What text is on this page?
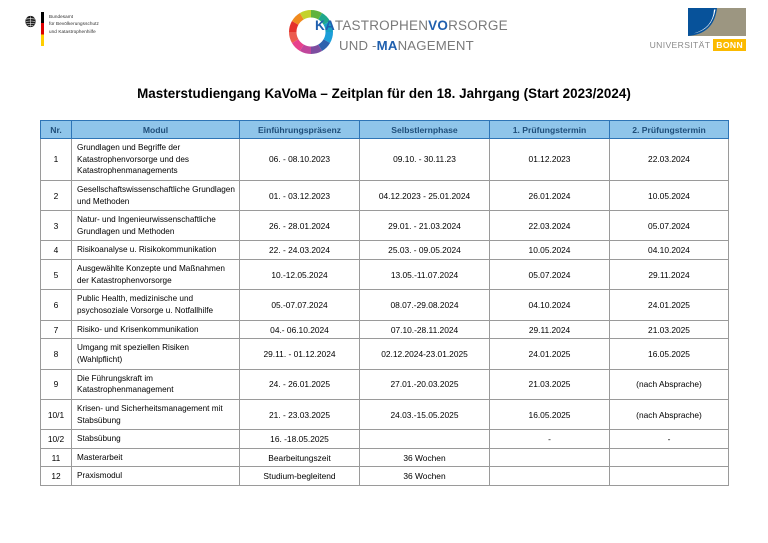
Bundesamt
für Bevölkerungsschutz
und Katastrophenhilfe	KATASTROPHENVORSORGE
UND -MANAGEMENT	UNIVERSITÄT BONN
Masterstudiengang KaVoMa – Zeitplan für den 18. Jahrgang (Start 2023/2024)
Nr.	Modul	Einführungspräsenz	Selbstlernphase	1. Prüfungstermin	2. Prüfungstermin
1	Grundlagen und Begriffe der Katastrophenvorsorge und des Katastrophenmanagements	06. - 08.10.2023	09.10. - 30.11.23	01.12.2023	22.03.2024
2	Gesellschaftswissenschaftliche Grundlagen und Methoden	01. - 03.12.2023	04.12.2023 - 25.01.2024	26.01.2024	10.05.2024
3	Natur- und Ingenieurwissenschaftliche Grundlagen und Methoden	26. - 28.01.2024	29.01. - 21.03.2024	22.03.2024	05.07.2024
4	Risikoanalyse u. Risikokommunikation	22. - 24.03.2024	25.03. - 09.05.2024	10.05.2024	04.10.2024
5	Ausgewählte Konzepte und Maßnahmen der Katastrophenvorsorge	10.-12.05.2024	13.05.-11.07.2024	05.07.2024	29.11.2024
6	Public Health, medizinische und psychosoziale Vorsorge u. Notfallhilfe	05.-07.07.2024	08.07.-29.08.2024	04.10.2024	24.01.2025
7	Risiko- und Krisenkommunikation	04.- 06.10.2024	07.10.-28.11.2024	29.11.2024	21.03.2025
8	Umgang mit speziellen Risiken (Wahlpflicht)	29.11. - 01.12.2024	02.12.2024-23.01.2025	24.01.2025	16.05.2025
9	Die Führungskraft im Katastrophenmanagement	24. - 26.01.2025	27.01.-20.03.2025	21.03.2025	(nach Absprache)
10/1	Krisen- und Sicherheitsmanagement mit Stabsübung	21. - 23.03.2025	24.03.-15.05.2025	16.05.2025	(nach Absprache)
10/2	Stabsübung	16. -18.05.2025		-	-
11	Masterarbeit	Bearbeitungszeit	36 Wochen		
12	Praxismodul	Studium-begleitend	36 Wochen		
